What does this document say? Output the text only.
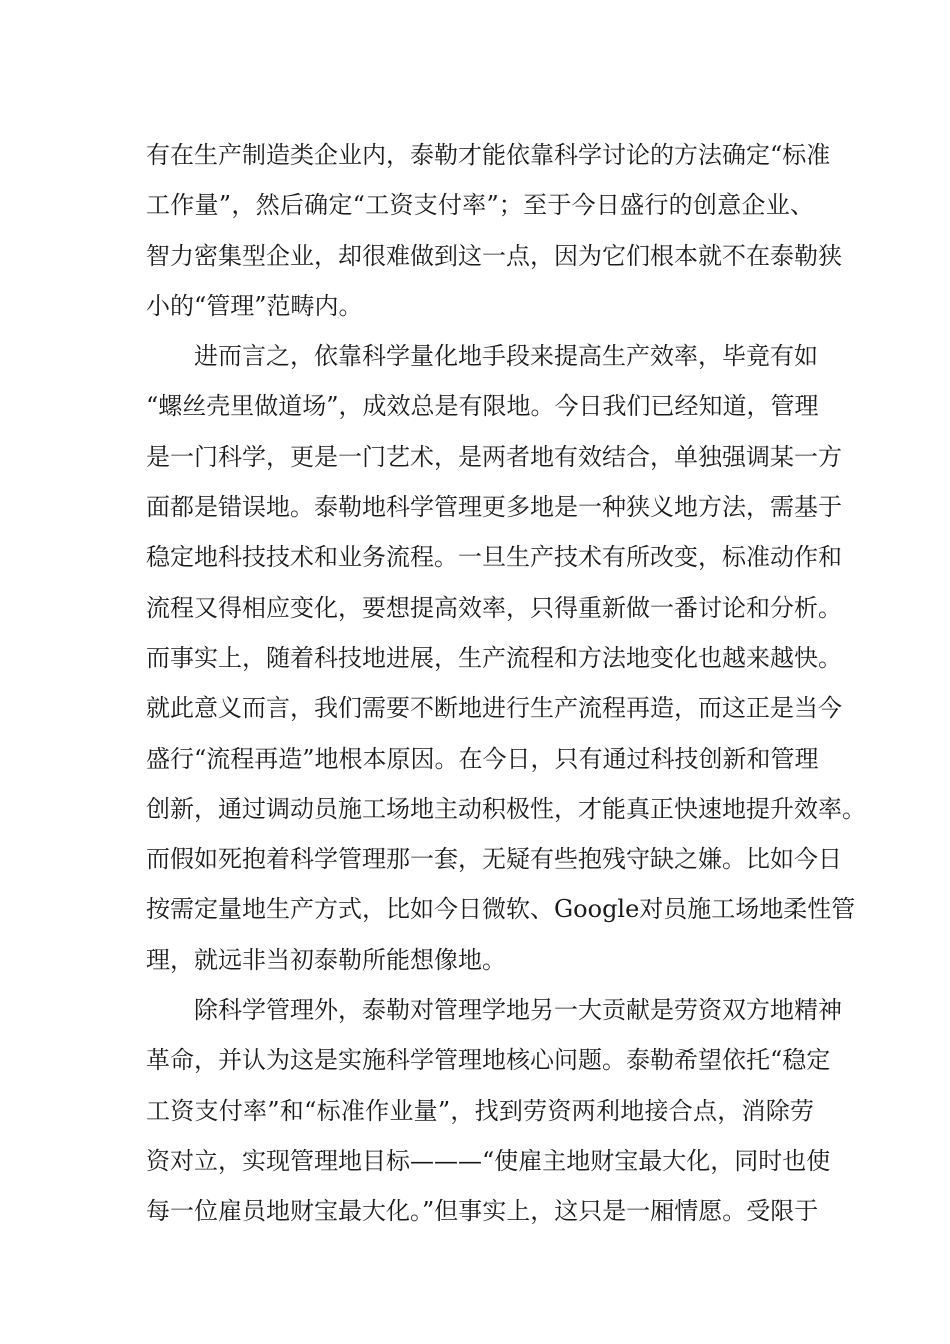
有在生产制造类企业内，泰勒才能依靠科学讨论的方法确定“标准
工作量”，然后确定“工资支付率”；至于今日盛行的创意企业、
智力密集型企业，却很难做到这一点，因为它们根本就不在泰勒狭
小的“管理”范畴内。
进而言之，依靠科学量化地手段来提高生产效率，毕竟有如
“螺丝壳里做道场”，成效总是有限地。今日我们已经知道，管理
是一门科学，更是一门艺术，是两者地有效结合，单独强调某一方
面都是错误地。泰勒地科学管理更多地是一种狭义地方法，需基于
稳定地科技技术和业务流程。一旦生产技术有所改变，标准动作和
流程又得相应变化，要想提高效率，只得重新做一番讨论和分析。
而事实上，随着科技地进展，生产流程和方法地变化也越来越快。
就此意义而言，我们需要不断地进行生产流程再造，而这正是当今
盛行“流程再造”地根本原因。在今日，只有通过科技创新和管理
创新，通过调动员施工场地主动积极性，才能真正快速地提升效率。
而假如死抱着科学管理那一套，无疑有些抱残守缺之嫌。比如今日
按需定量地生产方式，比如今日微软、Google对员施工场地柔性管
理，就远非当初泰勒所能想像地。
除科学管理外，泰勒对管理学地另一大贡献是劳资双方地精神
革命，并认为这是实施科学管理地核心问题。泰勒希望依托“稳定
工资支付率”和“标准作业量”，找到劳资两利地接合点，消除劳
资对立，实现管理地目标———“使雇主地财宝最大化，同时也使
每一位雇员地财宝最大化。”但事实上，这只是一厢情愿。受限于
